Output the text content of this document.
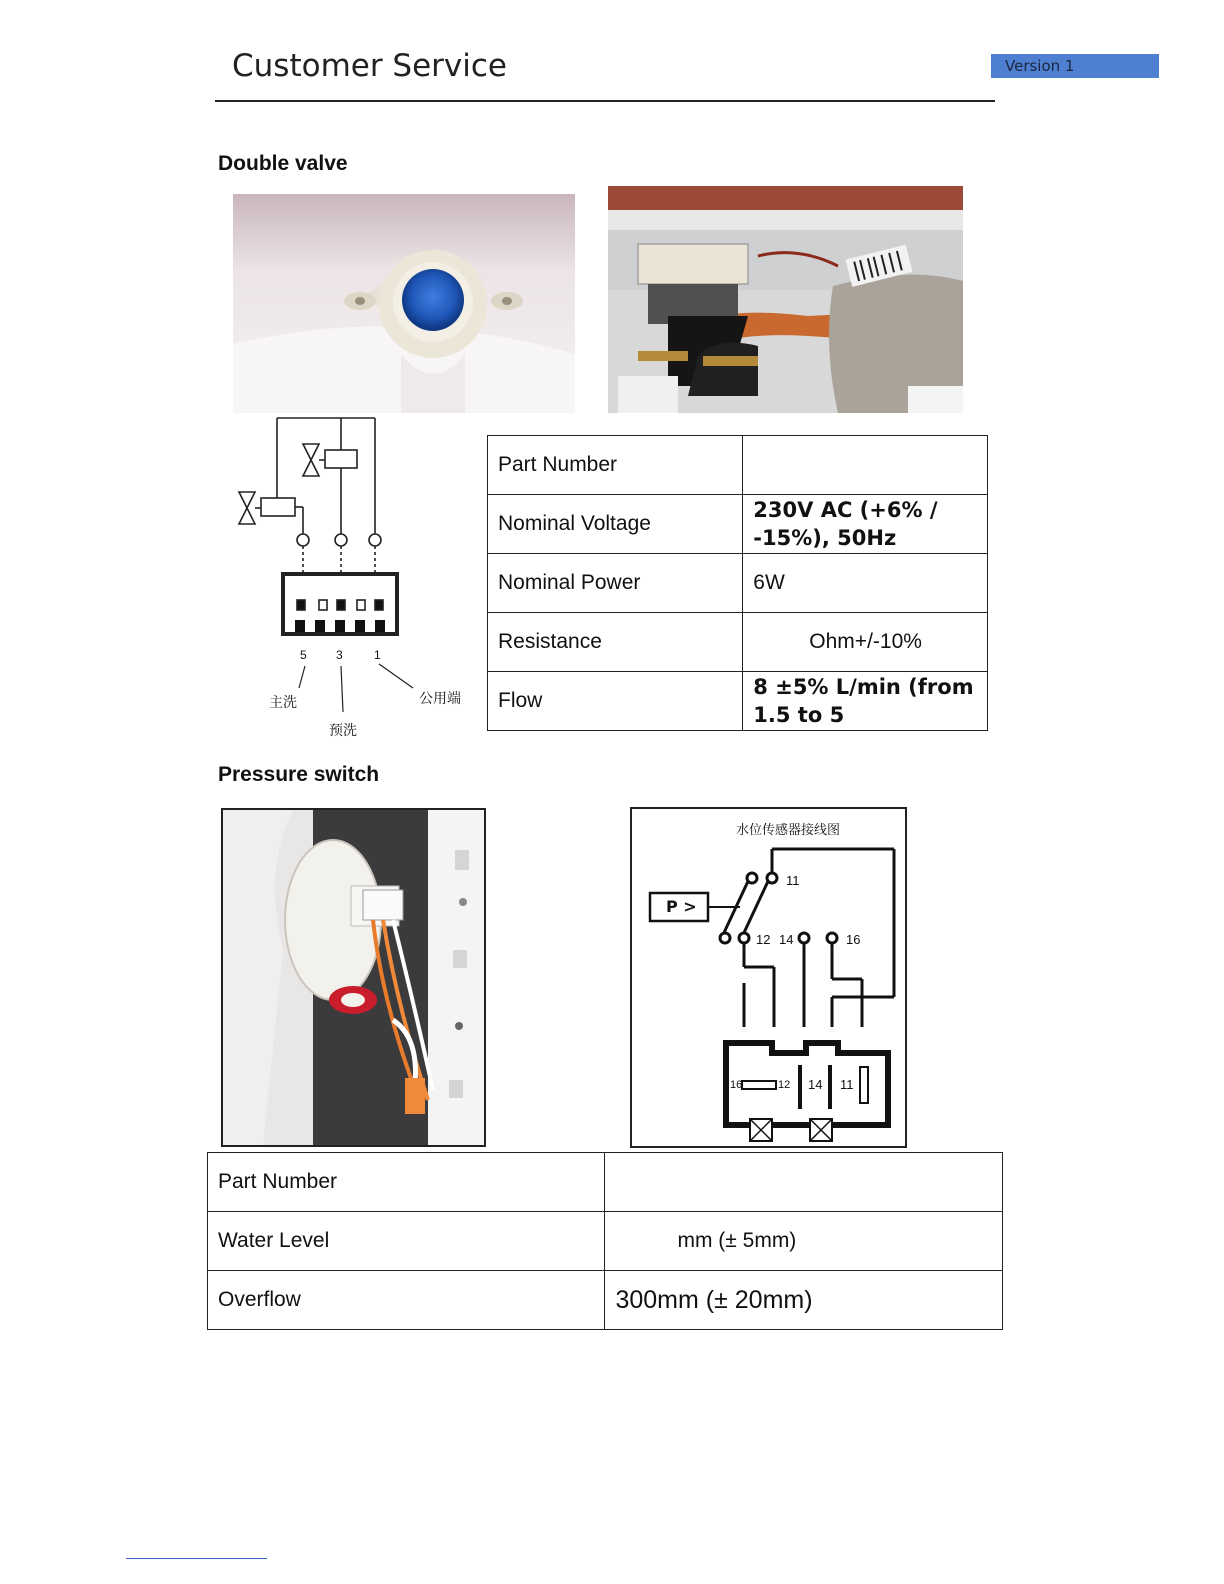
Customer Service	Version 1
Double valve
5 3	1
主洗
预洗
公用端
Part Number	
Nominal Voltage	230V AC (+6% / -15%), 50Hz
Nominal Power	6W
Resistance	Ohm+/-10%
Flow	8 ±5% L/min (from 1.5 to 5
Pressure switch
水位传感器接线图
P >
11
12 14	16
16	12 14 11
Part Number	
Water Level	mm (± 5mm)
Overflow	300mm (± 20mm)
